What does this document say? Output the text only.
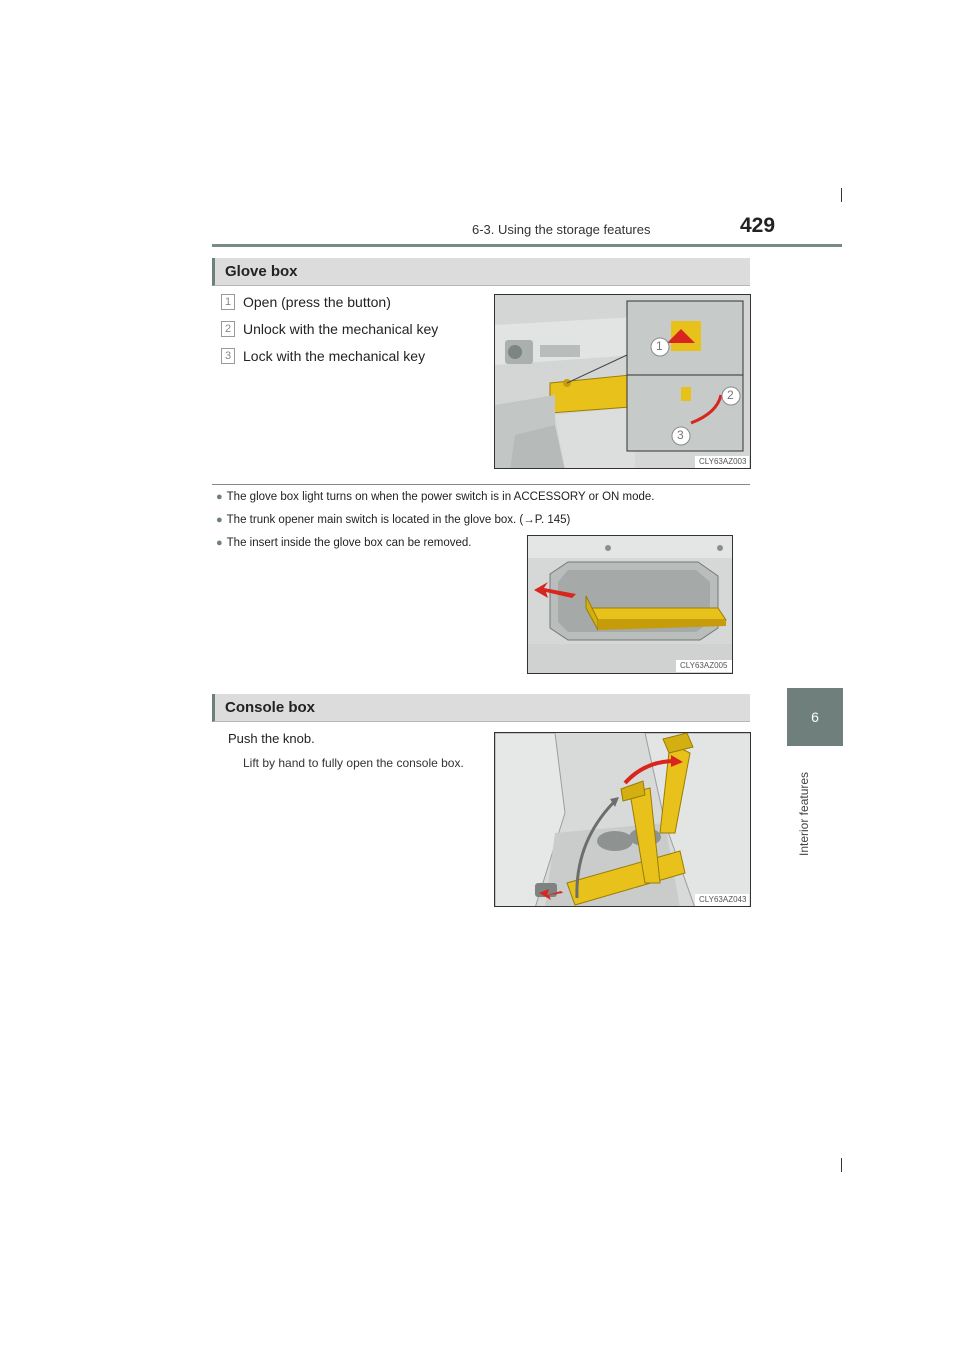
6-3. Using the storage features	429
6
Interior features
Glove box
1 Open (press the button)
2 Unlock with the mechanical key
3 Lock with the mechanical key
1
2
3
CLY63AZ003
● The glove box light turns on when the power switch is in ACCESSORY or ON mode.
● The trunk opener main switch is located in the glove box. (→P. 145)
● The insert inside the glove box can be removed.
CLY63AZ005
Console box
Push the knob.
Lift by hand to fully open the console box.
CLY63AZ043
